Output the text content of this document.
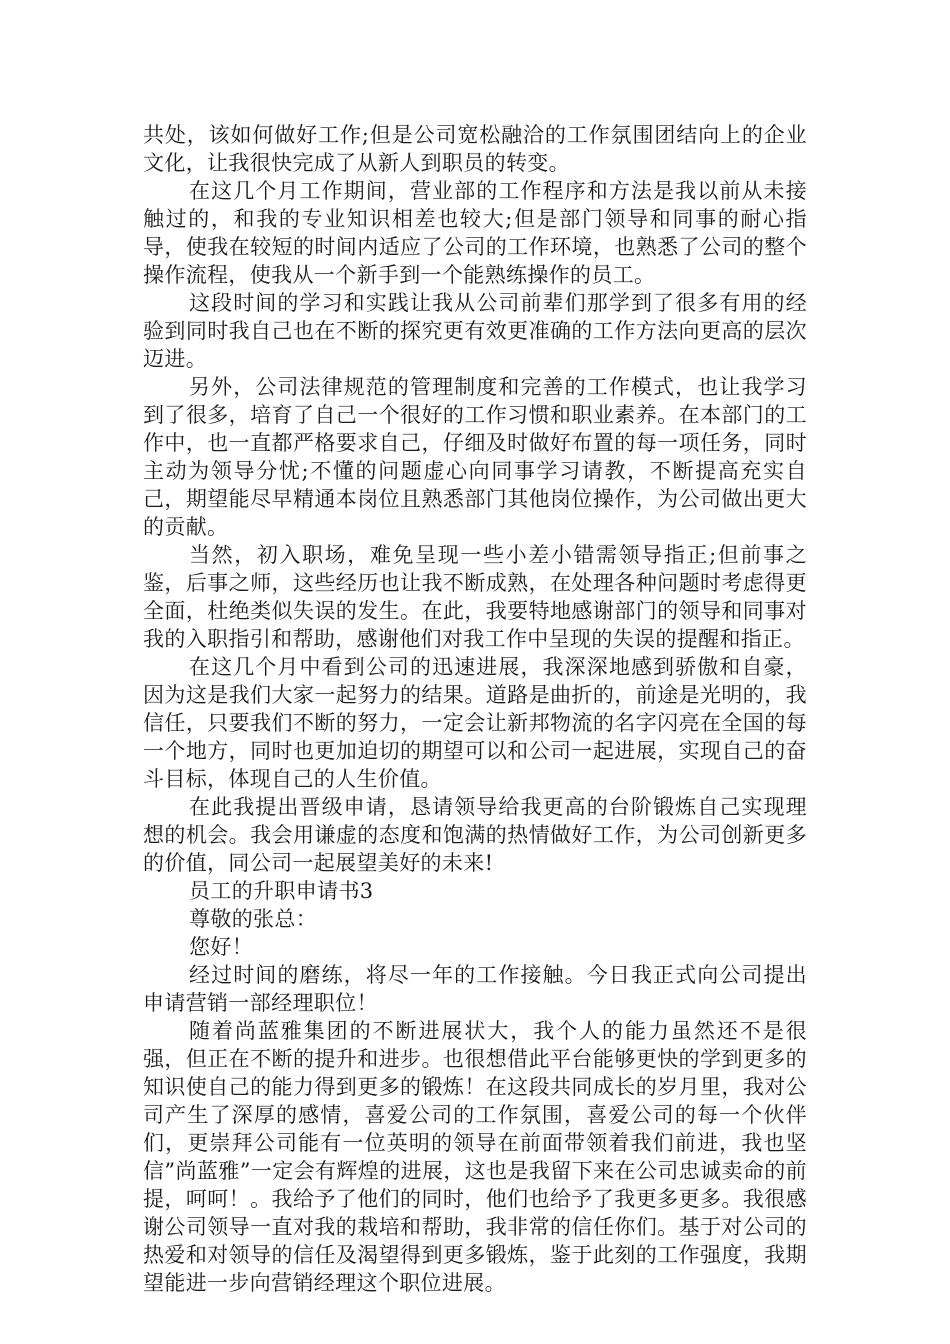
共处，该如何做好工作;但是公司宽松融洽的工作氛围团结向上的企业文化，让我很快完成了从新人到职员的转变。

在这几个月工作期间，营业部的工作程序和方法是我以前从未接触过的，和我的专业知识相差也较大;但是部门领导和同事的耐心指导，使我在较短的时间内适应了公司的工作环境，也熟悉了公司的整个操作流程，使我从一个新手到一个能熟练操作的员工。

这段时间的学习和实践让我从公司前辈们那学到了很多有用的经验到同时我自己也在不断的探究更有效更准确的工作方法向更高的层次迈进。

另外，公司法律规范的管理制度和完善的工作模式，也让我学习到了很多，培育了自己一个很好的工作习惯和职业素养。在本部门的工作中，也一直都严格要求自己，仔细及时做好布置的每一项任务，同时主动为领导分忧;不懂的问题虚心向同事学习请教，不断提高充实自己，期望能尽早精通本岗位且熟悉部门其他岗位操作，为公司做出更大的贡献。

当然，初入职场，难免呈现一些小差小错需领导指正;但前事之鉴，后事之师，这些经历也让我不断成熟，在处理各种问题时考虑得更全面，杜绝类似失误的发生。在此，我要特地感谢部门的领导和同事对我的入职指引和帮助，感谢他们对我工作中呈现的失误的提醒和指正。

在这几个月中看到公司的迅速进展，我深深地感到骄傲和自豪，因为这是我们大家一起努力的结果。道路是曲折的，前途是光明的，我信任，只要我们不断的努力，一定会让新邦物流的名字闪亮在全国的每一个地方，同时也更加迫切的期望可以和公司一起进展，实现自己的奋斗目标，体现自己的人生价值。

在此我提出晋级申请，恳请领导给我更高的台阶锻炼自己实现理想的机会。我会用谦虚的态度和饱满的热情做好工作，为公司创新更多的价值，同公司一起展望美好的未来!

员工的升职申请书3

尊敬的张总：

您好！

经过时间的磨练，将尽一年的工作接触。今日我正式向公司提出申请营销一部经理职位！

随着尚蓝雅集团的不断进展状大，我个人的能力虽然还不是很强，但正在不断的提升和进步。也很想借此平台能够更快的学到更多的知识使自己的能力得到更多的锻炼！在这段共同成长的岁月里，我对公司产生了深厚的感情，喜爱公司的工作氛围，喜爱公司的每一个伙伴们，更崇拜公司能有一位英明的领导在前面带领着我们前进，我也坚信”尚蓝雅”一定会有辉煌的进展，这也是我留下来在公司忠诚卖命的前提，呵呵！。我给予了他们的同时，他们也给予了我更多更多。我很感谢公司领导一直对我的栽培和帮助，我非常的信任你们。基于对公司的热爱和对领导的信任及渴望得到更多锻炼，鉴于此刻的工作强度，我期望能进一步向营销经理这个职位进展。
